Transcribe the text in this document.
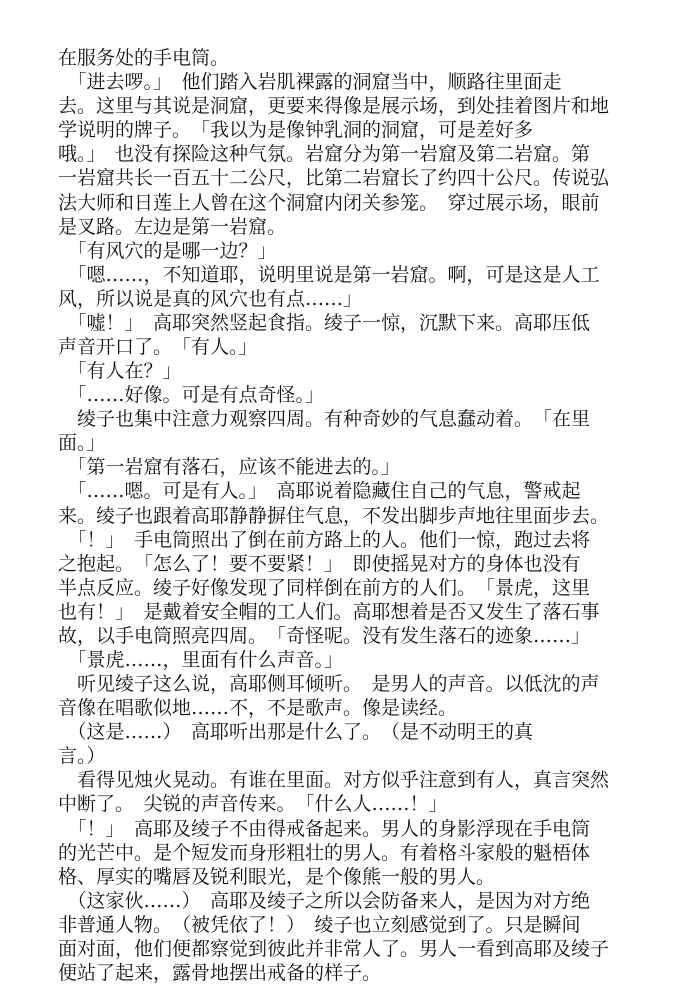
在服务处的手电筒。

　「进去啰。」　他们踏入岩肌裸露的洞窟当中，顺路往里面走

去。这里与其说是洞窟，更要来得像是展示场，到处挂着图片和地

学说明的牌子。　「我以为是像钟乳洞的洞窟，可是差好多

哦。」　也没有探险这种气氛。岩窟分为第一岩窟及第二岩窟。第

一岩窟共长一百五十二公尺，比第二岩窟长了约四十公尺。传说弘

法大师和日莲上人曾在这个洞窟内闭关参笼。　穿过展示场，眼前

是叉路。左边是第一岩窟。

　「有风穴的是哪一边？」

　「嗯……，不知道耶，说明里说是第一岩窟。啊，可是这是人工

风，所以说是真的风穴也有点……」

　「嘘！」　高耶突然竖起食指。绫子一惊，沉默下来。高耶压低

声音开口了。　「有人。」

　「有人在？」

　「……好像。可是有点奇怪。」

　绫子也集中注意力观察四周。有种奇妙的气息蠢动着。　「在里

面。」

　「第一岩窟有落石，应该不能进去的。」

　「……嗯。可是有人。」　高耶说着隐藏住自己的气息，警戒起

来。绫子也跟着高耶静静摒住气息，不发出脚步声地往里面步去。

　「！」　手电筒照出了倒在前方路上的人。他们一惊，跑过去将

之抱起。　「怎么了！要不要紧！」　即使摇晃对方的身体也没有

半点反应。绫子好像发现了同样倒在前方的人们。　「景虎，这里

也有！」　是戴着安全帽的工人们。高耶想着是否又发生了落石事

故，以手电筒照亮四周。　「奇怪呢。没有发生落石的迹象……」

　「景虎……，里面有什么声音。」

　听见绫子这么说，高耶侧耳倾听。　是男人的声音。以低沈的声

音像在唱歌似地……不，不是歌声。像是读经。

　（这是……）　高耶听出那是什么了。　（是不动明王的真

言。）

　看得见烛火晃动。有谁在里面。对方似乎注意到有人，真言突然

中断了。　尖锐的声音传来。　「什么人……！」

　「！」　高耶及绫子不由得戒备起来。男人的身影浮现在手电筒

的光芒中。是个短发而身形粗壮的男人。有着格斗家般的魁梧体

格、厚实的嘴唇及锐利眼光，是个像熊一般的男人。

　（这家伙……）　高耶及绫子之所以会防备来人，是因为对方绝

非普通人物。　（被凭依了！）　绫子也立刻感觉到了。只是瞬间

面对面，他们便都察觉到彼此并非常人了。男人一看到高耶及绫子

便站了起来，露骨地摆出戒备的样子。
